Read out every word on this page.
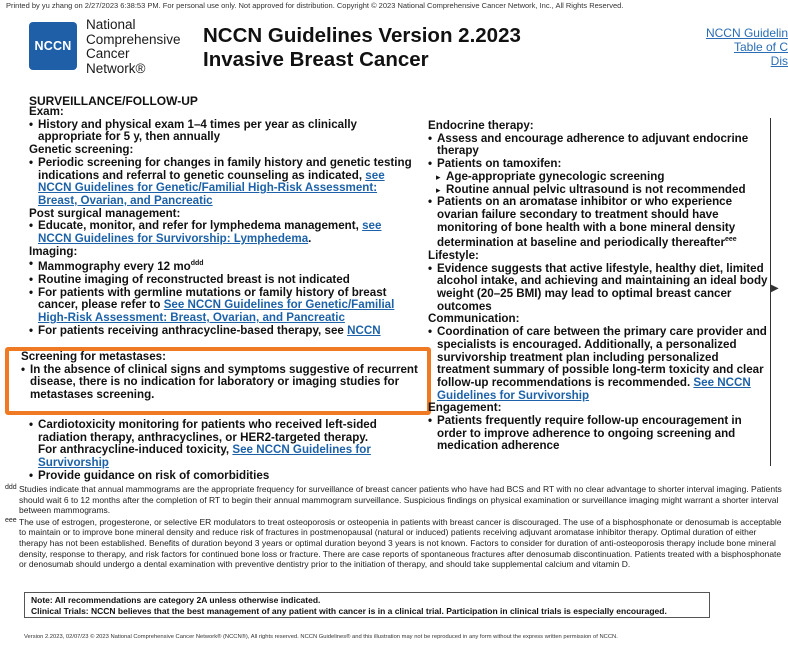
Printed by yu zhang on 2/27/2023 6:38:53 PM. For personal use only. Not approved for distribution. Copyright © 2023 National Comprehensive Cancer Network, Inc., All Rights Reserved.
NCCN
National
Comprehensive
Cancer
Network®
NCCN Guidelines Version 2.2023
Invasive Breast Cancer
NCCN Guidelin
Table of C
Dis
SURVEILLANCE/FOLLOW-UP
Exam:
• History and physical exam 1–4 times per year as clinically appropriate for 5 y, then annually
Genetic screening:
• Periodic screening for changes in family history and genetic testing indications and referral to genetic counseling as indicated, see NCCN Guidelines for Genetic/Familial High-Risk Assessment: Breast, Ovarian, and Pancreatic
Post surgical management:
• Educate, monitor, and refer for lymphedema management, see NCCN Guidelines for Survivorship: Lymphedema.
Imaging:
• Mammography every 12 $mo^{ddd}$
• Routine imaging of reconstructed breast is not indicated
• For patients with germline mutations or family history of breast cancer, please refer to See NCCN Guidelines for Genetic/Familial High-Risk Assessment: Breast, Ovarian, and Pancreatic
• For patients receiving anthracycline-based therapy, see NCCN
Screening for metastases:
• In the absence of clinical signs and symptoms suggestive of recurrent disease, there is no indication for laboratory or imaging studies for metastases screening.
• Cardiotoxicity monitoring for patients who received left-sided radiation therapy, anthracyclines, or HER2-targeted therapy.
For anthracycline-induced toxicity, See NCCN Guidelines for Survivorship
• Provide guidance on risk of comorbidities
Endocrine therapy:
• Assess and encourage adherence to adjuvant endocrine therapy
• Patients on tamoxifen:
▸ Age-appropriate gynecologic screening
▸ Routine annual pelvic ultrasound is not recommended
• Patients on an aromatase inhibitor or who experience ovarian failure secondary to treatment should have monitoring of bone health with a bone mineral density determination at baseline and periodically thereafter$^{eee}$
Lifestyle:
• Evidence suggests that active lifestyle, healthy diet, limited alcohol intake, and achieving and maintaining an ideal body weight (20–25 BMI) may lead to optimal breast cancer outcomes
Communication:
• Coordination of care between the primary care provider and specialists is encouraged. Additionally, a personalized survivorship treatment plan including personalized treatment summary of possible long-term toxicity and clear follow-up recommendations is recommended. See NCCN Guidelines for Survivorship
Engagement:
• Patients frequently require follow-up encouragement in order to improve adherence to ongoing screening and medication adherence
▶
ddd Studies indicate that annual mammograms are the appropriate frequency for surveillance of breast cancer patients who have had BCS and RT with no clear advantage to shorter interval imaging. Patients should wait 6 to 12 months after the completion of RT to begin their annual mammogram surveillance. Suspicious findings on physical examination or surveillance imaging might warrant a shorter interval between mammograms.
eee The use of estrogen, progesterone, or selective ER modulators to treat osteoporosis or osteopenia in patients with breast cancer is discouraged. The use of a bisphosphonate or denosumab is acceptable to maintain or to improve bone mineral density and reduce risk of fractures in postmenopausal (natural or induced) patients receiving adjuvant aromatase inhibitor therapy. Optimal duration of either therapy has not been established. Benefits of duration beyond 3 years or optimal duration beyond 3 years is not known. Factors to consider for duration of anti-osteoporosis therapy include bone mineral density, response to therapy, and risk factors for continued bone loss or fracture. There are case reports of spontaneous fractures after denosumab discontinuation. Patients treated with a bisphosphonate or denosumab should undergo a dental examination with preventive dentistry prior to the initiation of therapy, and should take supplemental calcium and vitamin D.
Note: All recommendations are category 2A unless otherwise indicated.
Clinical Trials: NCCN believes that the best management of any patient with cancer is in a clinical trial. Participation in clinical trials is especially encouraged.
Version 2.2023, 02/07/23 © 2023 National Comprehensive Cancer Network® (NCCN®), All rights reserved. NCCN Guidelines® and this illustration may not be reproduced in any form without the express written permission of NCCN.
